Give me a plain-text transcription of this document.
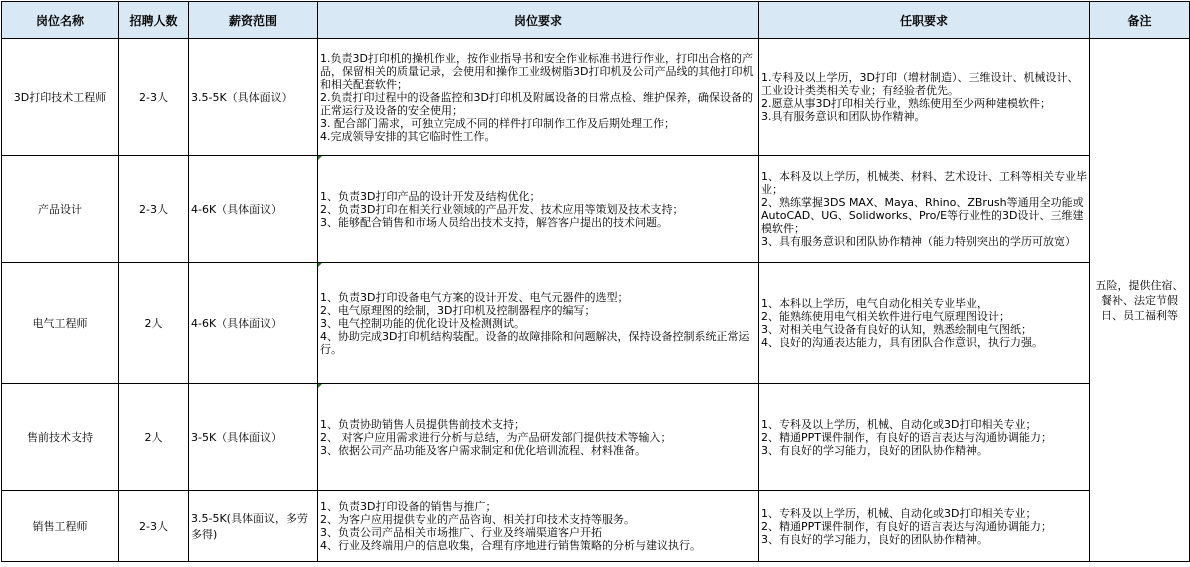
岗位名称	招聘人数	薪资范围	岗位要求	任职要求	备注
3D打印技术工程师	2-3人	3.5-5K（具体面议）	1.负责3D打印机的操机作业，按作业指导书和安全作业标准书进行作业，打印出合格的产品，保留相关的质量记录，会使用和操作工业级树脂3D打印机及公司产品线的其他打印机和相关配套软件；
2.负责打印过程中的设备监控和3D打印机及附属设备的日常点检、维护保养，确保设备的正常运行及设备的安全使用；
3. 配合部门需求，可独立完成不同的样件打印制作工作及后期处理工作；
4.完成领导安排的其它临时性工作。	1.专科及以上学历，3D打印（增材制造）、三维设计、机械设计、工业设计类类相关专业；有经验者优先。
2.愿意从事3D打印相关行业，熟练使用至少两种建模软件；
3.具有服务意识和团队协作精神。	五险，提供住宿、餐补、法定节假日、员工福利等
产品设计	2-3人	4-6K（具体面议）	1、负责3D打印产品的设计开发及结构优化；
2、负责3D打印在相关行业领域的产品开发、技术应用等策划及技术支持；
3、能够配合销售和市场人员给出技术支持，解答客户提出的技术问题。	1、本科及以上学历，机械类、材料、艺术设计、工科等相关专业毕业；
2、熟练掌握3DS MAX、Maya、Rhino、ZBrush等通用全功能或AutoCAD、UG、Solidworks、Pro/E等行业性的3D设计、三维建模软件；
3、具有服务意识和团队协作精神（能力特别突出的学历可放宽）	

电气工程师	2人	4-6K（具体面议）	1、负责3D打印设备电气方案的设计开发、电气元器件的选型；
2、电气原理图的绘制，3D打印机及控制器程序的编写；
3、电气控制功能的优化设计及检测测试。
4、协助完成3D打印机结构装配。设备的故障排除和问题解决，保持设备控制系统正常运行。	1、本科以上学历，电气自动化相关专业毕业，
2、能熟练使用电气相关软件进行电气原理图设计；
3、对相关电气设备有良好的认知，熟悉绘制电气图纸；
4、良好的沟通表达能力，具有团队合作意识，执行力强。	

售前技术支持	2人	3-5K（具体面议）	1、负责协助销售人员提供售前技术支持；
2、 对客户应用需求进行分析与总结，为产品研发部门提供技术等输入；
3、依据公司产品功能及客户需求制定和优化培训流程、材料准备。	1、专科及以上学历，机械、自动化或3D打印相关专业；
2、精通PPT课件制作，有良好的语言表达与沟通协调能力；
3、有良好的学习能力，良好的团队协作精神。	

销售工程师	2-3人	3.5-5K(具体面议，多劳多得)	1、负责3D打印设备的销售与推广；
2、为客户应用提供专业的产品咨询、相关打印技术支持等服务。
3、负责公司产品相关市场推广、行业及终端渠道客户开拓
4、行业及终端用户的信息收集，合理有序地进行销售策略的分析与建议执行。	1、专科及以上学历，机械、自动化或3D打印相关专业；
2、精通PPT课件制作，有良好的语言表达与沟通协调能力；
3、有良好的学习能力，良好的团队协作精神。	
